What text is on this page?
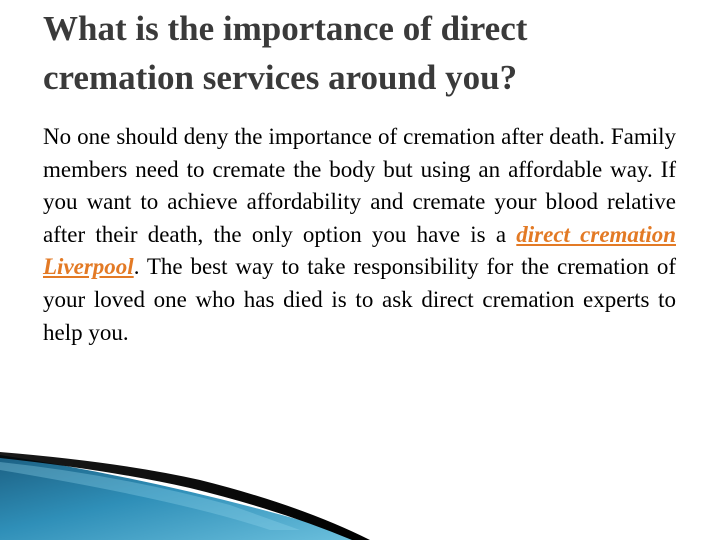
What is the importance of direct cremation services around you?

No one should deny the importance of cremation after death. Family members need to cremate the body but using an affordable way. If you want to achieve affordability and cremate your blood relative after their death, the only option you have is a direct cremation Liverpool. The best way to take responsibility for the cremation of your loved one who has died is to ask direct cremation experts to help you.
